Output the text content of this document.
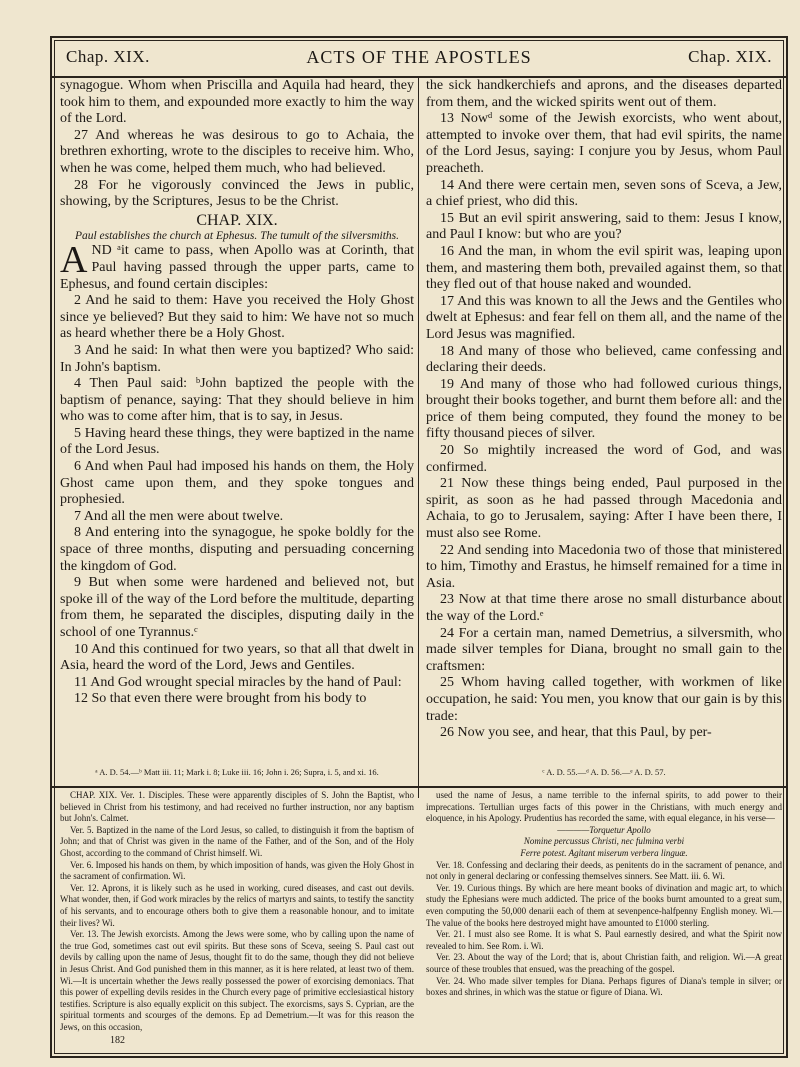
Chap. XIX.	ACTS OF THE APOSTLES	Chap. XIX.

synagogue. Whom when Priscilla and Aquila had heard, they took him to them, and expounded more exactly to him the way of the Lord.

27 And whereas he was desirous to go to Achaia, the brethren exhorting, wrote to the disciples to receive him. Who, when he was come, helped them much, who had believed.

28 For he vigorously convinced the Jews in public, showing, by the Scriptures, Jesus to be the Christ.

CHAP. XIX.
Paul establishes the church at Ephesus. The tumult of the silversmiths.

AND ᵃit came to pass, when Apollo was at Corinth, that Paul having passed through the upper parts, came to Ephesus, and found certain disciples:

2 And he said to them: Have you received the Holy Ghost since ye believed? But they said to him: We have not so much as heard whether there be a Holy Ghost.

3 And he said: In what then were you baptized? Who said: In John's baptism.

4 Then Paul said: ᵇJohn baptized the people with the baptism of penance, saying: That they should believe in him who was to come after him, that is to say, in Jesus.

5 Having heard these things, they were baptized in the name of the Lord Jesus.

6 And when Paul had imposed his hands on them, the Holy Ghost came upon them, and they spoke tongues and prophesied.

7 And all the men were about twelve.

8 And entering into the synagogue, he spoke boldly for the space of three months, disputing and persuading concerning the kingdom of God.

9 But when some were hardened and believed not, but spoke ill of the way of the Lord before the multitude, departing from them, he separated the disciples, disputing daily in the school of one Tyrannus.ᶜ

10 And this continued for two years, so that all that dwelt in Asia, heard the word of the Lord, Jews and Gentiles.

11 And God wrought special miracles by the hand of Paul:

12 So that even there were brought from his body to

the sick handkerchiefs and aprons, and the diseases departed from them, and the wicked spirits went out of them.

13 Nowᵈ some of the Jewish exorcists, who went about, attempted to invoke over them, that had evil spirits, the name of the Lord Jesus, saying: I conjure you by Jesus, whom Paul preacheth.

14 And there were certain men, seven sons of Sceva, a Jew, a chief priest, who did this.

15 But an evil spirit answering, said to them: Jesus I know, and Paul I know: but who are you?

16 And the man, in whom the evil spirit was, leaping upon them, and mastering them both, prevailed against them, so that they fled out of that house naked and wounded.

17 And this was known to all the Jews and the Gentiles who dwelt at Ephesus: and fear fell on them all, and the name of the Lord Jesus was magnified.

18 And many of those who believed, came confessing and declaring their deeds.

19 And many of those who had followed curious things, brought their books together, and burnt them before all: and the price of them being computed, they found the money to be fifty thousand pieces of silver.

20 So mightily increased the word of God, and was confirmed.

21 Now these things being ended, Paul purposed in the spirit, as soon as he had passed through Macedonia and Achaia, to go to Jerusalem, saying: After I have been there, I must also see Rome.

22 And sending into Macedonia two of those that ministered to him, Timothy and Erastus, he himself remained for a time in Asia.

23 Now at that time there arose no small disturbance about the way of the Lord.ᵉ

24 For a certain man, named Demetrius, a silversmith, who made silver temples for Diana, brought no small gain to the craftsmen:

25 Whom having called together, with workmen of like occupation, he said: You men, you know that our gain is by this trade:

26 Now you see, and hear, that this Paul, by per-

ᵃ A. D. 54.—ᵇ Matt iii. 11; Mark i. 8; Luke iii. 16; John i. 26; Supra, i. 5, and xi. 16.	ᶜ A. D. 55.—ᵈ A. D. 56.—ᵉ A. D. 57.

CHAP. XIX. Ver. 1. Disciples. These were apparently disciples of S. John the Baptist, who believed in Christ from his testimony, and had received no further instruction, nor any baptism but John's. Calmet.

Ver. 5. Baptized in the name of the Lord Jesus, so called, to distinguish it from the baptism of John; and that of Christ was given in the name of the Father, and of the Son, and of the Holy Ghost, according to the command of Christ himself. Wi.

Ver. 6. Imposed his hands on them, by which imposition of hands, was given the Holy Ghost in the sacrament of confirmation. Wi.

Ver. 12. Aprons, it is likely such as he used in working, cured diseases, and cast out devils. What wonder, then, if God work miracles by the relics of martyrs and saints, to testify the sanctity of his servants, and to encourage others both to give them a reasonable honour, and to imitate their lives? Wi.

Ver. 13. The Jewish exorcists. Among the Jews were some, who by calling upon the name of the true God, sometimes cast out evil spirits. But these sons of Sceva, seeing S. Paul cast out devils by calling upon the name of Jesus, thought fit to do the same, though they did not believe in Jesus Christ. And God punished them in this manner, as it is here related, at least two of them. Wi.—It is uncertain whether the Jews really possessed the power of exorcising demoniacs. That this power of expelling devils resides in the Church every page of primitive ecclesiastical history testifies. Scripture is also equally explicit on this subject. The exorcisms, says S. Cyprian, are the spiritual torments and scourges of the demons. Ep ad Demetrium.—It was for this reason the Jews, on this occasion,

182

used the name of Jesus, a name terrible to the infernal spirits, to add power to their imprecations. Tertullian urges facts of this power in the Christians, with much energy and eloquence, in his Apology. Prudentius has recorded the same, with equal elegance, in his verse—

————Torquetur Apollo

Nomine percussus Christi, nec fulmina verbi

Ferre potest. Agitant miserum verbera linguæ.

Ver. 18. Confessing and declaring their deeds, as penitents do in the sacrament of penance, and not only in general declaring or confessing themselves sinners. See Matt. iii. 6. Wi.

Ver. 19. Curious things. By which are here meant books of divination and magic art, to which study the Ephesians were much addicted. The price of the books burnt amounted to a great sum, even computing the 50,000 denarii each of them at sevenpence-halfpenny English money. Wi.—The value of the books here destroyed might have amounted to £1000 sterling.

Ver. 21. I must also see Rome. It is what S. Paul earnestly desired, and what the Spirit now revealed to him. See Rom. i. Wi.

Ver. 23. About the way of the Lord; that is, about Christian faith, and religion. Wi.—A great source of these troubles that ensued, was the preaching of the gospel.

Ver. 24. Who made silver temples for Diana. Perhaps figures of Diana's temple in silver; or boxes and shrines, in which was the statue or figure of Diana. Wi.
